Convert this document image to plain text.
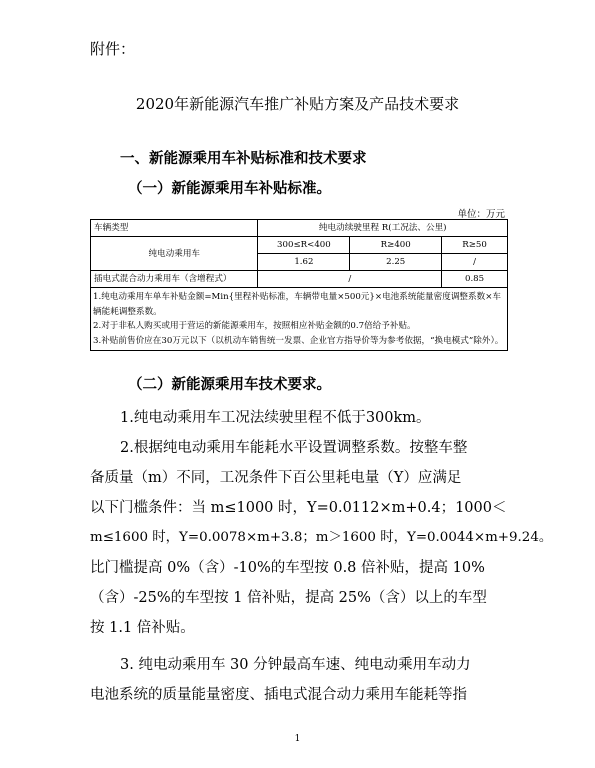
附件：
2020年新能源汽车推广补贴方案及产品技术要求
一、新能源乘用车补贴标准和技术要求
（一）新能源乘用车补贴标准。
单位：万元
车辆类型	纯电动续驶里程 R(工况法、公里)		
纯电动乘用车	300≤R<400	R≥400	R≥50
	1.62	2.25	/
插电式混合动力乘用车（含增程式）	/		0.85

1.纯电动乘用车单车补贴金额=Min{里程补贴标准，车辆带电量×500元}×电池系统能量密度调整系数×车辆能耗调整系数。
2.对于非私人购买或用于营运的新能源乘用车，按照相应补贴金额的0.7倍给予补贴。
3.补贴前售价应在30万元以下（以机动车销售统一发票、企业官方指导价等为参考依据，“换电模式”除外）。			
（二）新能源乘用车技术要求。
1.纯电动乘用车工况法续驶里程不低于300km。
2.根据纯电动乘用车能耗水平设置调整系数。按整车整
备质量（m）不同，工况条件下百公里耗电量（Y）应满足
以下门槛条件：当 m≤1000 时，Y=0.0112×m+0.4；1000＜
m≤1600 时，Y=0.0078×m+3.8；m＞1600 时，Y=0.0044×m+9.24。
比门槛提高 0%（含）-10%的车型按 0.8 倍补贴，提高 10%
（含）-25%的车型按 1 倍补贴，提高 25%（含）以上的车型
按 1.1 倍补贴。
3. 纯电动乘用车 30 分钟最高车速、纯电动乘用车动力
电池系统的质量能量密度、插电式混合动力乘用车能耗等指
1
